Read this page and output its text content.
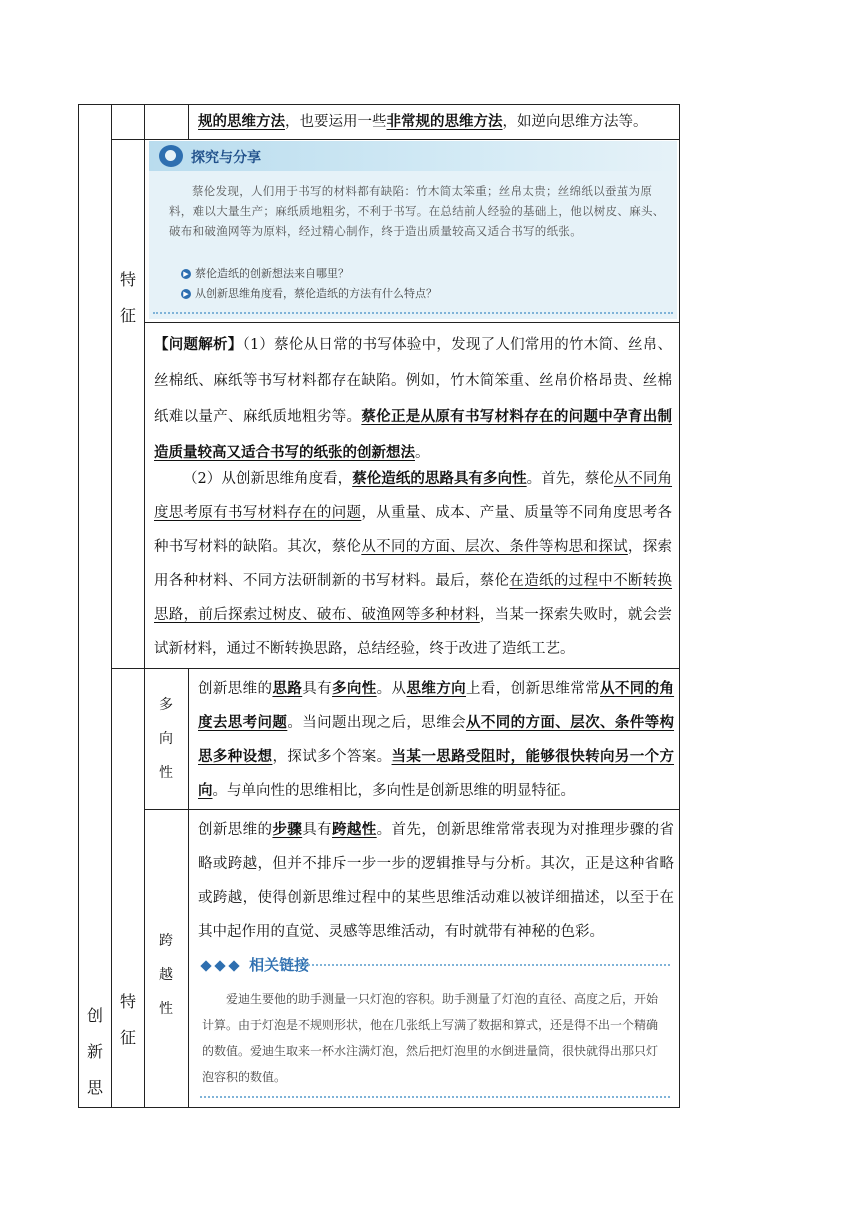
规的思维方法，也要运用一些非常规的思维方法，如逆向思维方法等。
创
新
思
特
征
特
征
探究与分享
蔡伦发现，人们用于书写的材料都有缺陷：竹木简太笨重；丝帛太贵；丝绵纸以蚕茧为原料，难以大量生产；麻纸质地粗劣，不利于书写。在总结前人经验的基础上，他以树皮、麻头、破布和破渔网等为原料，经过精心制作，终于造出质量较高又适合书写的纸张。
▶ 蔡伦造纸的创新想法来自哪里？
▶ 从创新思维角度看，蔡伦造纸的方法有什么特点？
【问题解析】（1）蔡伦从日常的书写体验中，发现了人们常用的竹木简、丝帛、丝棉纸、麻纸等书写材料都存在缺陷。例如，竹木简笨重、丝帛价格昂贵、丝棉纸难以量产、麻纸质地粗劣等。蔡伦正是从原有书写材料存在的问题中孕育出制造质量较高又适合书写的纸张的创新想法。
（2）从创新思维角度看，蔡伦造纸的思路具有多向性。首先，蔡伦从不同角度思考原有书写材料存在的问题，从重量、成本、产量、质量等不同角度思考各种书写材料的缺陷。其次，蔡伦从不同的方面、层次、条件等构思和探试，探索用各种材料、不同方法研制新的书写材料。最后，蔡伦在造纸的过程中不断转换思路，前后探索过树皮、破布、破渔网等多种材料，当某一探索失败时，就会尝试新材料，通过不断转换思路，总结经验，终于改进了造纸工艺。
多
向
性
创新思维的思路具有多向性。从思维方向上看，创新思维常常从不同的角度去思考问题。当问题出现之后，思维会从不同的方面、层次、条件等构思多种设想，探试多个答案。当某一思路受阻时，能够很快转向另一个方向。与单向性的思维相比，多向性是创新思维的明显特征。
跨
越
性
创新思维的步骤具有跨越性。首先，创新思维常常表现为对推理步骤的省略或跨越，但并不排斥一步一步的逻辑推导与分析。其次，正是这种省略或跨越，使得创新思维过程中的某些思维活动难以被详细描述，以至于在其中起作用的直觉、灵感等思维活动，有时就带有神秘的色彩。
相关链接
爱迪生要他的助手测量一只灯泡的容积。助手测量了灯泡的直径、高度之后，开始计算。由于灯泡是不规则形状，他在几张纸上写满了数据和算式，还是得不出一个精确的数值。爱迪生取来一杯水注满灯泡，然后把灯泡里的水倒进量筒，很快就得出那只灯泡容积的数值。
